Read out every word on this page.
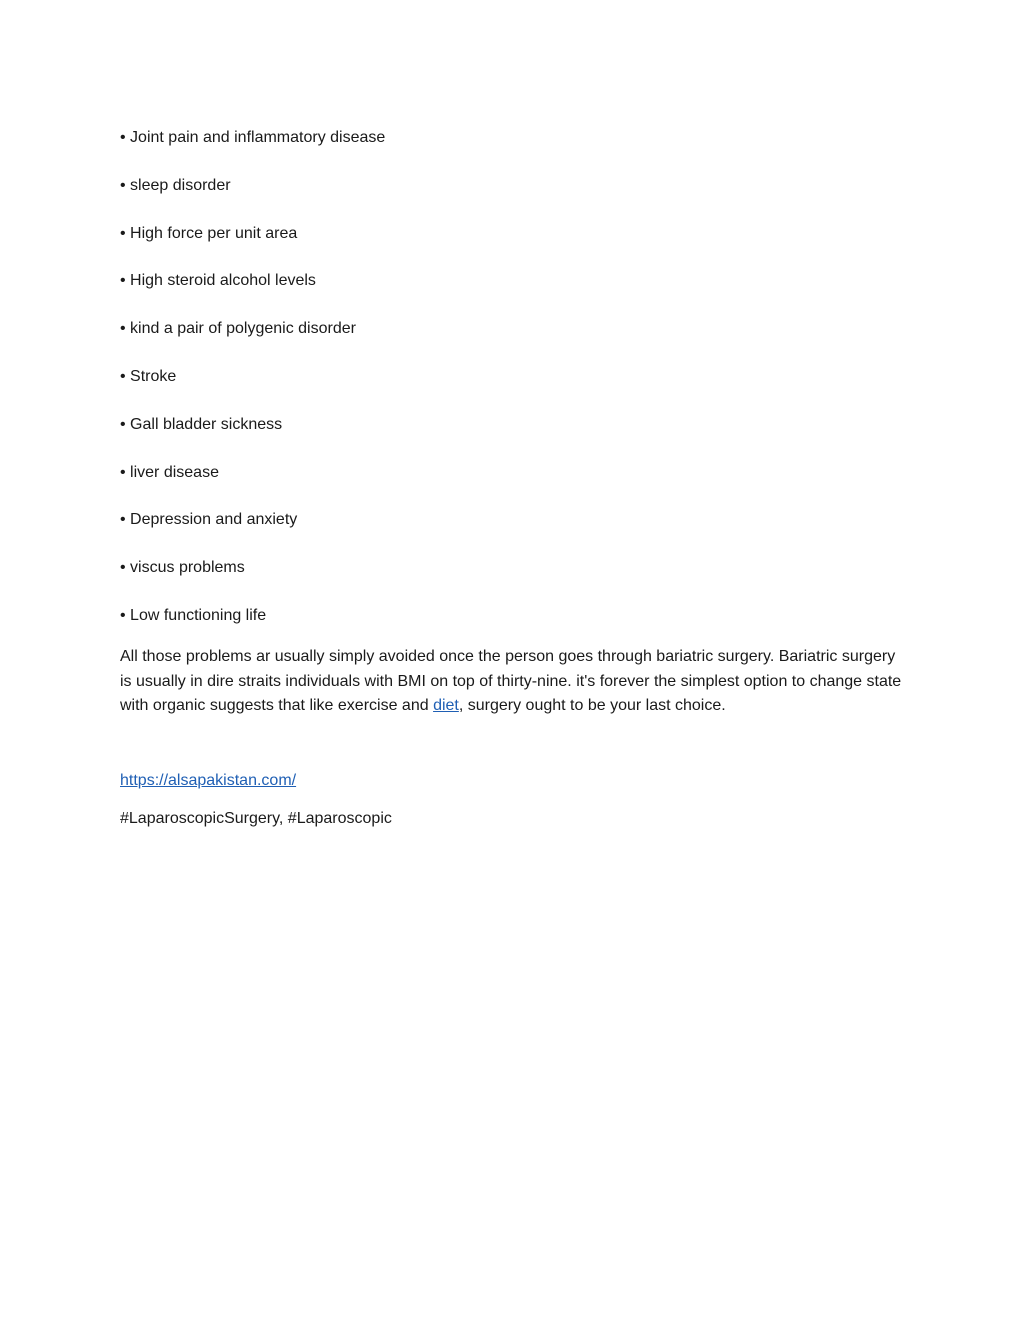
• Joint pain and inflammatory disease
• sleep disorder
• High force per unit area
• High steroid alcohol levels
• kind a pair of polygenic disorder
• Stroke
• Gall bladder sickness
• liver disease
• Depression and anxiety
• viscus problems
• Low functioning life

All those problems ar usually simply avoided once the person goes through bariatric surgery. Bariatric surgery is usually in dire straits individuals with BMI on top of thirty-nine. it's forever the simplest option to change state with organic suggests that like exercise and diet, surgery ought to be your last choice.

https://alsapakistan.com/

#LaparoscopicSurgery, #Laparoscopic
